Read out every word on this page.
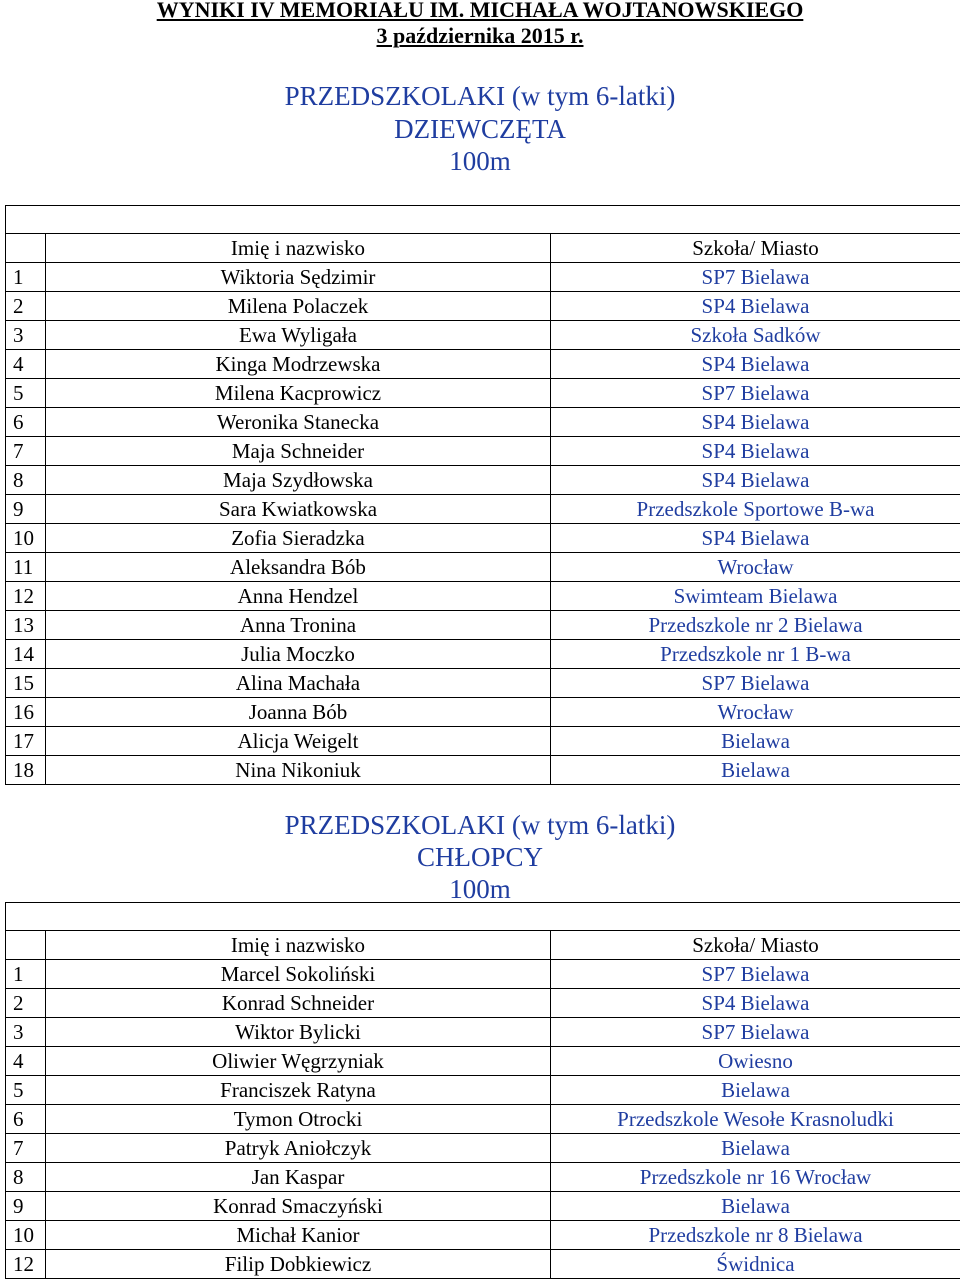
WYNIKI IV MEMORIAŁU IM. MICHAŁA WOJTANOWSKIEGO
3 października 2015 r.
PRZEDSZKOLAKI (w tym 6-latki)
DZIEWCZĘTA
100m

	Imię i nazwisko	Szkoła/ Miasto
1	Wiktoria Sędzimir	SP7 Bielawa
2	Milena Polaczek	SP4 Bielawa
3	Ewa Wyligała	Szkoła Sadków
4	Kinga Modrzewska	SP4 Bielawa
5	Milena Kacprowicz	SP7 Bielawa
6	Weronika Stanecka	SP4 Bielawa
7	Maja Schneider	SP4 Bielawa
8	Maja Szydłowska	SP4 Bielawa
9	Sara Kwiatkowska	Przedszkole Sportowe B-wa
10	Zofia Sieradzka	SP4 Bielawa
11	Aleksandra Bób	Wrocław
12	Anna Hendzel	Swimteam Bielawa
13	Anna Tronina	Przedszkole nr 2 Bielawa
14	Julia Moczko	Przedszkole nr 1 B-wa
15	Alina Machała	SP7 Bielawa
16	Joanna Bób	Wrocław
17	Alicja Weigelt	Bielawa
18	Nina Nikoniuk	Bielawa
PRZEDSZKOLAKI (w tym 6-latki)
CHŁOPCY
100m

	Imię i nazwisko	Szkoła/ Miasto
1	Marcel Sokoliński	SP7 Bielawa
2	Konrad Schneider	SP4 Bielawa
3	Wiktor Bylicki	SP7 Bielawa
4	Oliwier Węgrzyniak	Owiesno
5	Franciszek Ratyna	Bielawa
6	Tymon Otrocki	Przedszkole Wesołe Krasnoludki
7	Patryk Aniołczyk	Bielawa
8	Jan Kaspar	Przedszkole nr 16 Wrocław
9	Konrad Smaczyński	Bielawa
10	Michał Kanior	Przedszkole nr 8 Bielawa
12	Filip Dobkiewicz	Świdnica
